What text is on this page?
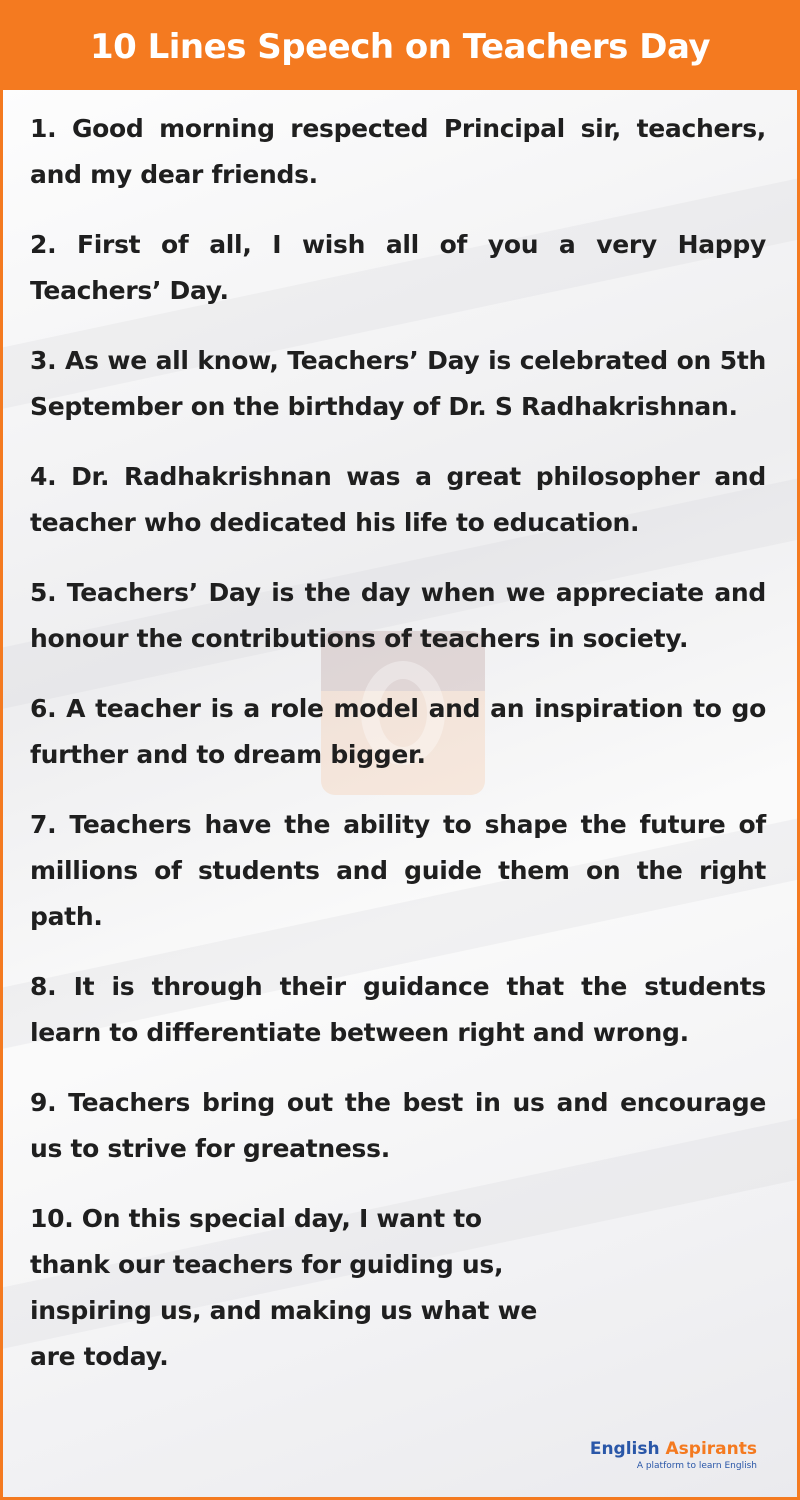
10 Lines Speech on Teachers Day

1. Good morning respected Principal sir, teachers, and my dear friends.

2. First of all, I wish all of you a very Happy Teachers’ Day.

3. As we all know, Teachers’ Day is celebrated on 5th September on the birthday of Dr. S Radhakrishnan.

4. Dr. Radhakrishnan was a great philosopher and teacher who dedicated his life to education.

5. Teachers’ Day is the day when we appreciate and honour the contributions of teachers in society.

6. A teacher is a role model and an inspiration to go further and to dream bigger.

7. Teachers have the ability to shape the future of millions of students and guide them on the right path.

8. It is through their guidance that the students learn to differentiate between right and wrong.

9. Teachers bring out the best in us and encourage us to strive for greatness.

10. On this special day, I want to thank our teachers for guiding us, inspiring us, and making us what we are today.

English Aspirants
A platform to learn English
